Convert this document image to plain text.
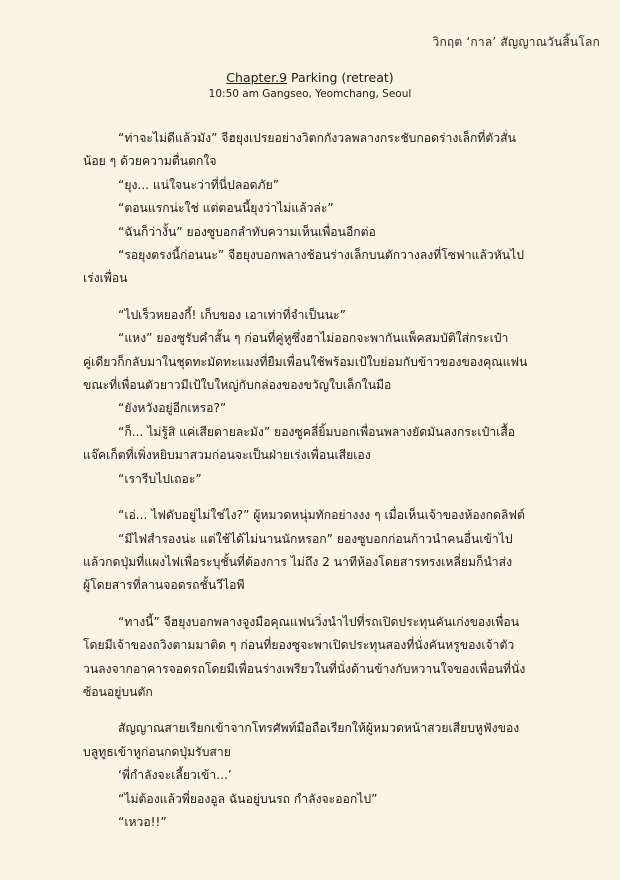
วิกฤต ‘กาล’ สัญญาณวันสิ้นโลก
Chapter.9 Parking (retreat)
10:50 am Gangseo, Yeomchang, Seoul

“ท่าจะไม่ดีแล้วมัง” จีฮยุงเปรยอย่างวิตกกังวลพลางกระชับกอดร่างเล็กที่ตัวสั่น

น้อย ๆ ด้วยความตื่นตกใจ

“ยุง... แน่ใจนะว่าที่นี่ปลอดภัย”

“ตอนแรกน่ะใช่ แต่ตอนนี้ยุงว่าไม่แล้วล่ะ”

“ฉันก็ว่างั้น” ยองซูบอกลำทับความเห็นเพื่อนอีกต่อ

“รอยุงตรงนี้ก่อนนะ” จีฮยุงบอกพลางช้อนร่างเล็กบนตักวางลงที่โซฟาแล้วหันไป

เร่งเพื่อน

“ไปเร็วหยองกี้! เก็บของ เอาเท่าที่จำเป็นนะ”

“แหง” ยองซูรับคำสั้น ๆ ก่อนที่คู่หูซึ่งฮาไม่ออกจะพากันแพ็คสมบัติใส่กระเป๋า

คู่เดียวก็กลับมาในชุดทะมัดทะแมงที่ยืมเพื่อนใช้พร้อมเป้ใบย่อมกับข้าวของของคุณแฟน

ขณะที่เพื่อนตัวยาวมีเป้ใบใหญ่กับกล่องของขวัญใบเล็กในมือ

“ยังหวังอยู่อีกเหรอ?”

“ก็... ไม่รู้สิ แค่เสียดายละมัง” ยองซูคลี่ยิ้มบอกเพื่อนพลางยัดมันลงกระเป๋าเสื้อ

แจ๊คเก็ตที่เพิ่งหยิบมาสวมก่อนจะเป็นฝ่ายเร่งเพื่อนเสียเอง

“เรารีบไปเถอะ”

“เอ่... ไฟดับอยู่ไม่ใช่ไง?” ผู้หมวดหนุ่มทักอย่างงง ๆ เมื่อเห็นเจ้าของห้องกดลิฟต์

“มีไฟสำรองน่ะ แต่ใช้ได้ไม่นานนักหรอก” ยองซูบอกก่อนก้าวนำคนอื่นเข้าไป

แล้วกดปุ่มที่แผงไฟเพื่อระบุชั้นที่ต้องการ ไม่ถึง 2 นาทีห้องโดยสารทรงเหลี่ยมก็นำส่ง

ผู้โดยสารที่ลานจอดรถชั้นวีไอพี

“ทางนี้” จีฮยุงบอกพลางจูงมือคุณแฟนวิ่งนำไปที่รถเปิดประทุนคันเก่งของเพื่อน

โดยมีเจ้าของถวิงตามมาติด ๆ ก่อนที่ยองซูจะพาเปิดประทุนสองที่นั่งคันหรูของเจ้าตัว

วนลงจากอาคารจอดรถโดยมีเพื่อนร่างเพรียวในที่นั่งด้านข้างกับหวานใจของเพื่อนที่นั่ง

ซ้อนอยู่บนตัก

สัญญาณสายเรียกเข้าจากโทรศัพท์มือถือเรียกให้ผู้หมวดหน้าสวยเสียบหูฟังของ

บลูทูธเข้าหูก่อนกดปุ่มรับสาย

‘พี่กำลังจะเลี้ยวเข้า...’

“ไม่ต้องแล้วพี่ยองอูล ฉันอยู่บนรถ กำลังจะออกไป”

“เหวอ!!”
